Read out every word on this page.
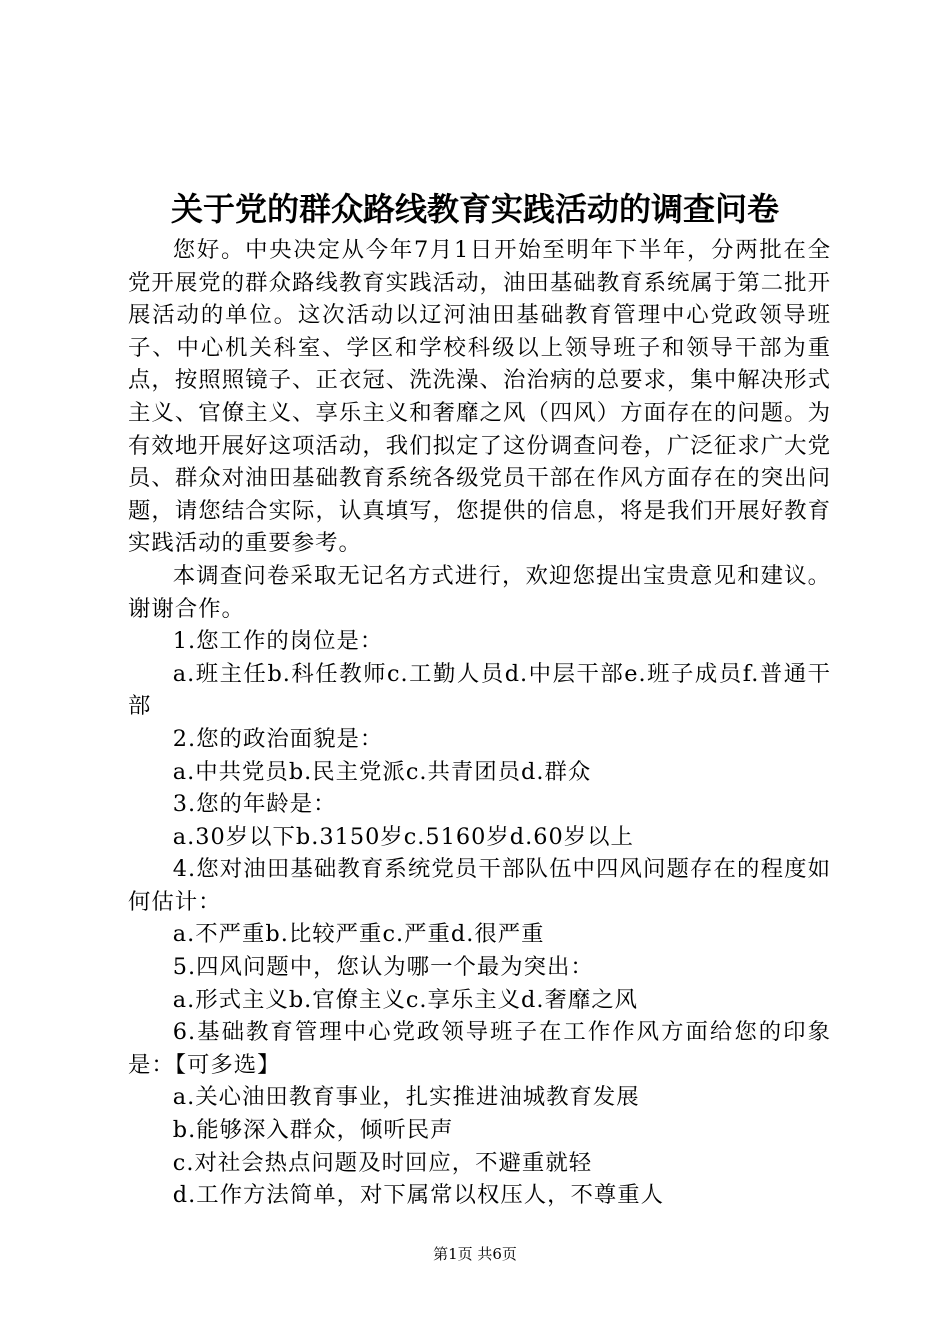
关于党的群众路线教育实践活动的调查问卷

您好。中央决定从今年7月1日开始至明年下半年，分两批在全党开展党的群众路线教育实践活动，油田基础教育系统属于第二批开展活动的单位。这次活动以辽河油田基础教育管理中心党政领导班子、中心机关科室、学区和学校科级以上领导班子和领导干部为重点，按照照镜子、正衣冠、洗洗澡、治治病的总要求，集中解决形式主义、官僚主义、享乐主义和奢靡之风（四风）方面存在的问题。为有效地开展好这项活动，我们拟定了这份调查问卷，广泛征求广大党员、群众对油田基础教育系统各级党员干部在作风方面存在的突出问题，请您结合实际，认真填写，您提供的信息，将是我们开展好教育实践活动的重要参考。

本调查问卷采取无记名方式进行，欢迎您提出宝贵意见和建议。谢谢合作。

1.您工作的岗位是：

a.班主任b.科任教师c.工勤人员d.中层干部e.班子成员f.普通干部

2.您的政治面貌是：

a.中共党员b.民主党派c.共青团员d.群众

3.您的年龄是：

a.30岁以下b.3150岁c.5160岁d.60岁以上

4.您对油田基础教育系统党员干部队伍中四风问题存在的程度如何估计：

a.不严重b.比较严重c.严重d.很严重

5.四风问题中，您认为哪一个最为突出：

a.形式主义b.官僚主义c.享乐主义d.奢靡之风

6.基础教育管理中心党政领导班子在工作作风方面给您的印象是：【可多选】

a.关心油田教育事业，扎实推进油城教育发展

b.能够深入群众，倾听民声

c.对社会热点问题及时回应，不避重就轻

d.工作方法简单，对下属常以权压人，不尊重人

第1页 共6页
